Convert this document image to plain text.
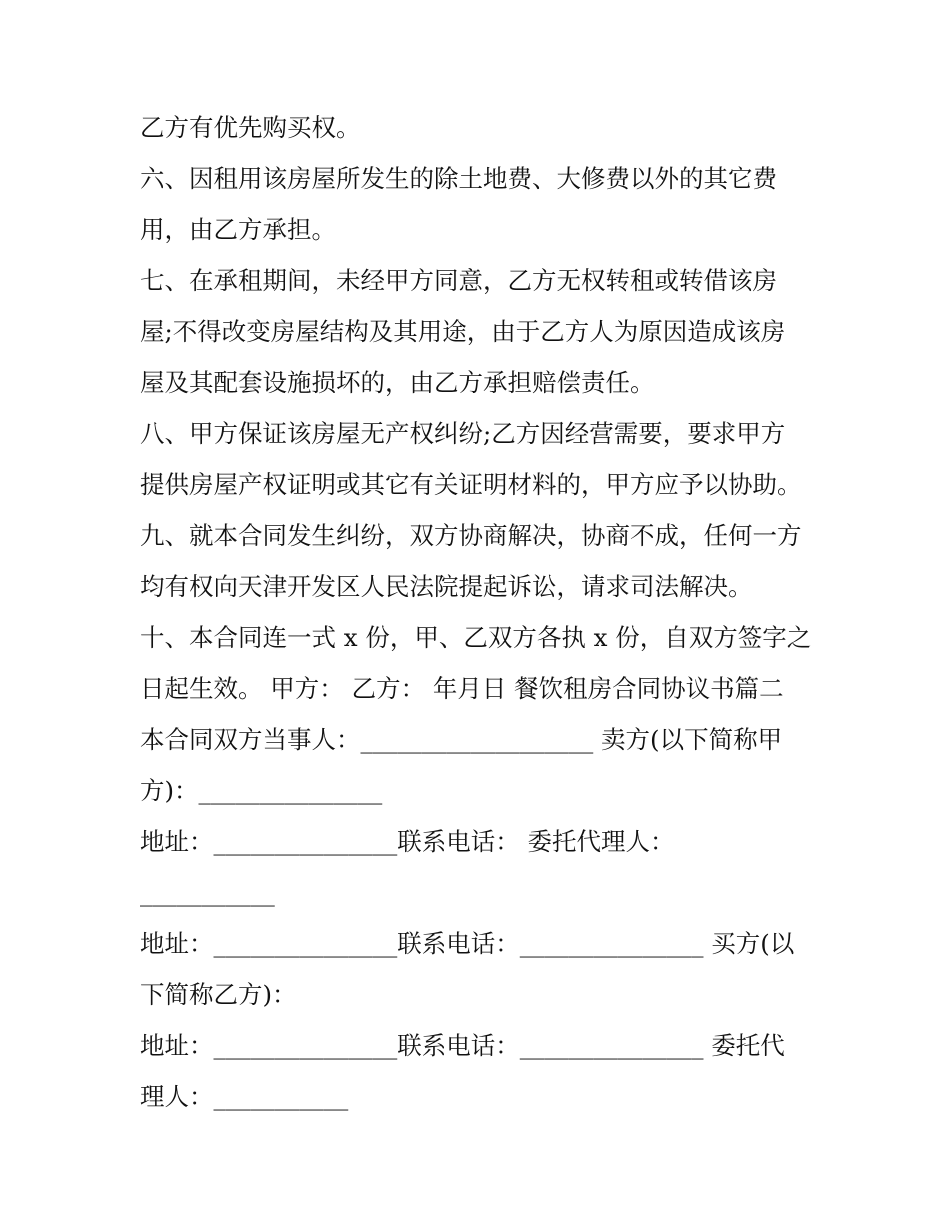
乙方有优先购买权。
六、因租用该房屋所发生的除土地费、大修费以外的其它费
用，由乙方承担。
七、在承租期间，未经甲方同意，乙方无权转租或转借该房
屋;不得改变房屋结构及其用途，由于乙方人为原因造成该房
屋及其配套设施损坏的，由乙方承担赔偿责任。
八、甲方保证该房屋无产权纠纷;乙方因经营需要，要求甲方
提供房屋产权证明或其它有关证明材料的，甲方应予以协助。
九、就本合同发生纠纷，双方协商解决，协商不成，任何一方
均有权向天津开发区人民法院提起诉讼，请求司法解决。
十、本合同连一式 x 份，甲、乙双方各执 x 份，自双方签字之
日起生效。 甲方： 乙方： 年月日 餐饮租房合同协议书篇二
本合同双方当事人：___________________ 卖方(以下简称甲
方)：_______________
地址：_______________联系电话： 委托代理人：
___________
地址：_______________联系电话：_______________ 买方(以
下简称乙方)：
地址：_______________联系电话：_______________ 委托代
理人：___________
